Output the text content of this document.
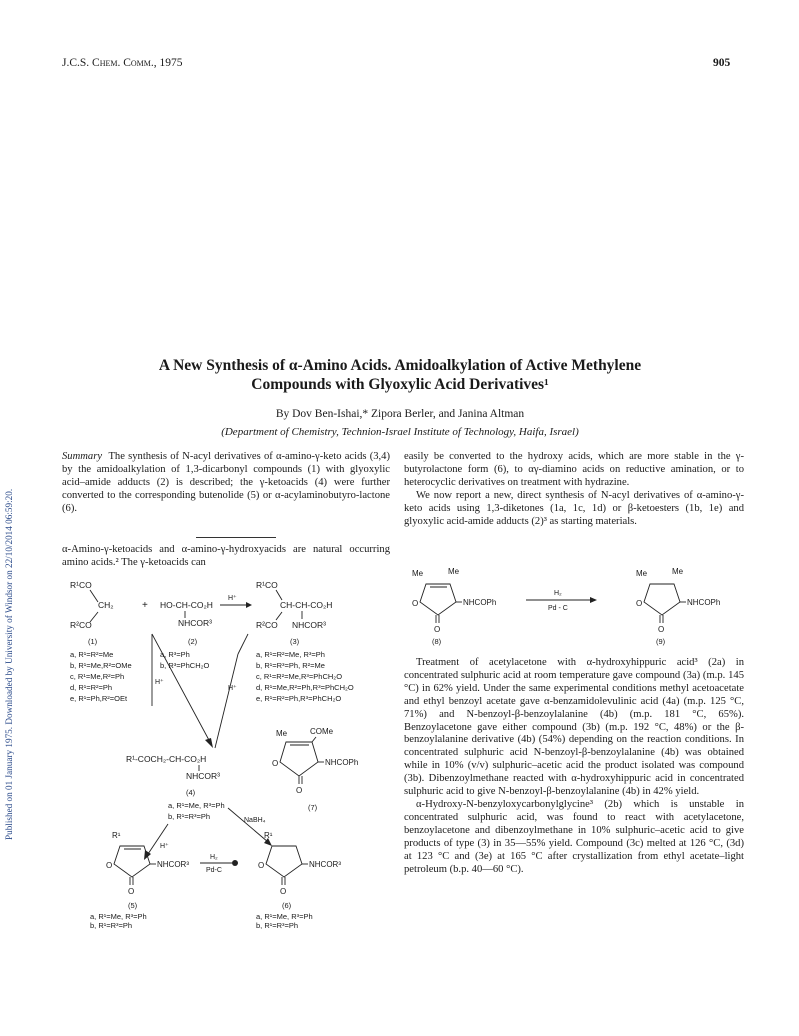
Published on 01 January 1975. Downloaded by University of Windsor on 22/10/2014 06:59:20.
J.C.S. Chem. Comm., 1975	905
A New Synthesis of α-Amino Acids. Amidoalkylation of Active Methylene
Compounds with Glyoxylic Acid Derivatives¹
By Dov Ben-Ishai,* Zipora Berler, and Janina Altman
(Department of Chemistry, Technion-Israel Institute of Technology, Haifa, Israel)

Summary The synthesis of N-acyl derivatives of α-amino-γ-keto acids (3,4) by the amidoalkylation of 1,3-dicarbonyl compounds (1) with glyoxylic acid–amide adducts (2) is described; the γ-ketoacids (4) were further converted to the corresponding butenolide (5) or α-acylaminobutyro-lactone (6).

α-Amino-γ-ketoacids and α-amino-γ-hydroxyacids are natural occurring amino acids.² The γ-ketoacids can

easily be converted to the hydroxy acids, which are more stable in the γ-butyrolactone form (6), to αγ-diamino acids on reductive amination, or to heterocyclic derivatives on treatment with hydrazine.

We now report a new, direct synthesis of N-acyl derivatives of α-amino-γ-keto acids using 1,3-diketones (1a, 1c, 1d) or β-ketoesters (1b, 1e) and glyoxylic acid-amide adducts (2)³ as starting materials.

Treatment of acetylacetone with α-hydroxyhippuric acid³ (2a) in concentrated sulphuric acid at room temperature gave compound (3a) (m.p. 145 °C) in 62% yield. Under the same experimental conditions methyl acetoacetate and ethyl benzoyl acetate gave α-benzamidolevulinic acid (4a) (m.p. 125 °C, 71%) and N-benzoyl-β-benzoylalanine (4b) (m.p. 181 °C, 65%). Benzoylacetone gave either compound (3b) (m.p. 192 °C, 48%) or the β-benzoylalanine derivative (4b) (54%) depending on the reaction conditions. In concentrated sulphuric acid N-benzoyl-β-benzoylalanine (4b) was obtained while in 10% (v/v) sulphuric–acetic acid the product isolated was compound (3b). Dibenzoylmethane reacted with α-hydroxyhippuric acid in concentrated sulphuric acid to give N-benzoyl-β-benzoylalanine (4b) in 42% yield.

α-Hydroxy-N-benzyloxycarbonylglycine³ (2b) which is unstable in concentrated sulphuric acid, was found to react with acetylacetone, benzoylacetone and dibenzoylmethane in 10% sulphuric–acetic acid to give products of type (3) in 35—55% yield. Compound (3c) melted at 126 °C, (3d) at 123 °C and (3e) at 165 °C after crystallization from ethyl acetate–light petroleum (b.p. 40—60 °C).

R¹CO
CH₂
R²CO
(1)
a, R¹=R²=Me
b, R¹=Me,R²=OMe
c, R¹=Me,R²=Ph
d, R¹=R²=Ph
e, R¹=Ph,R²=OEt
+ HO-CH-CO₂H
NHCOR³
(2)
a, R³=Ph
b, R³=PhCH₂O
H⁺
R¹CO
CH-CH-CO₂H
R²CO NHCOR³
(3)
a, R¹=R²=Me, R³=Ph
b, R¹=R³=Ph, R²=Me
c, R¹=R²=Me,R³=PhCH₂O
d, R¹=Me,R²=Ph,R³=PhCH₂O
e, R¹=R²=Ph,R³=PhCH₂O
H⁺
H⁺
R¹-COCH₂-CH-CO₂H
NHCOR³
(4)
a, R¹=Me, R³=Ph
b, R¹=R³=Ph
Me	COMe
NHCOPh
O
O
(7)
H⁺
NaBH₄
R¹
NHCOR³
O
O
(5)
a, R¹=Me, R³=Ph
H₂
Pd-C
R¹
NHCOR³
O
O
(6)
a, R¹=Me, R³=Ph
b, R¹=R³=Ph	b, R¹=R³=Ph
Me	Me
NHCOPh
O
O
(8)
H₂
Pd - C
Me	Me
NHCOPh
O
O
(9)
